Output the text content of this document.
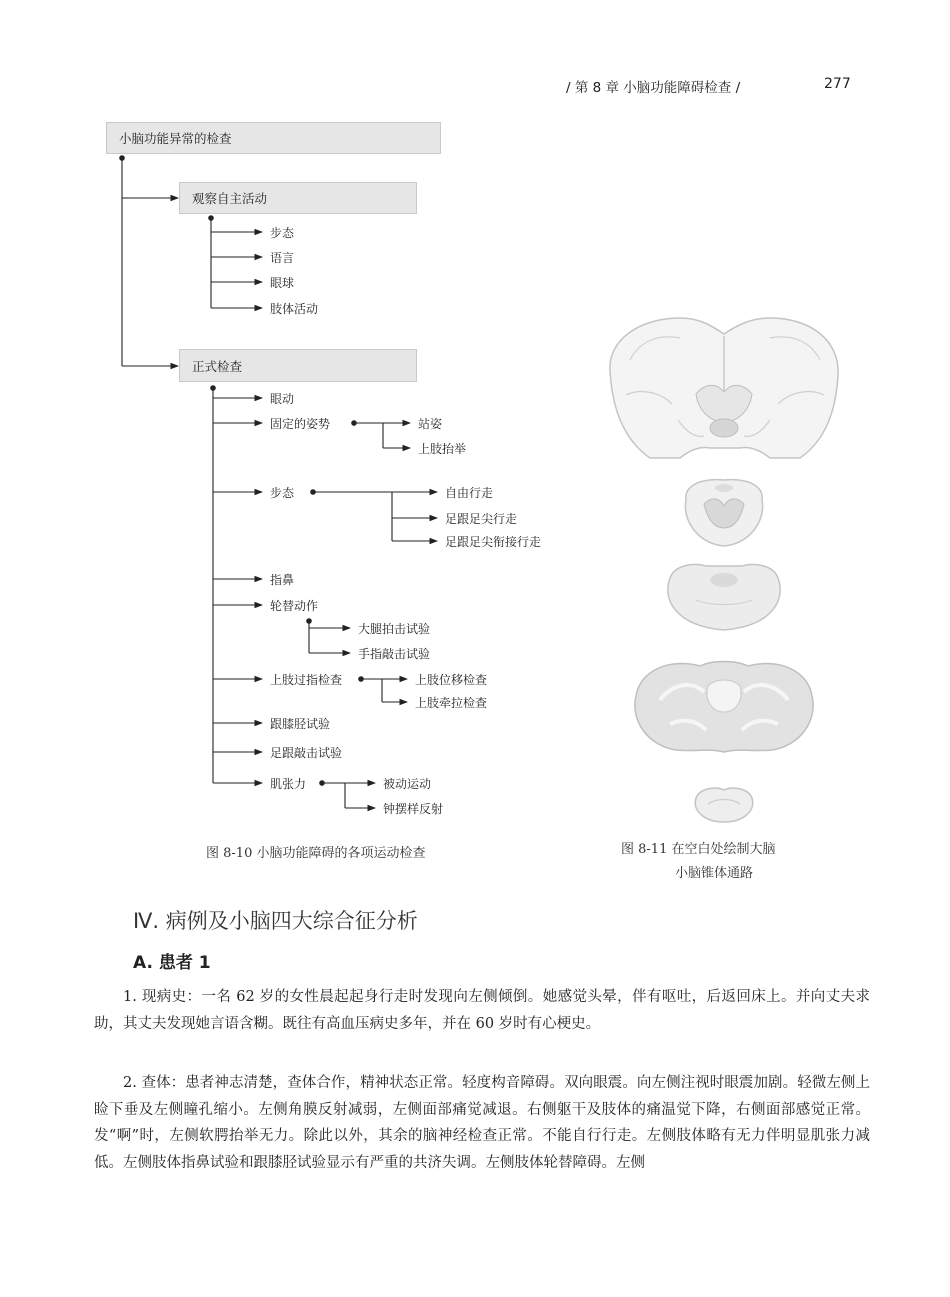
/ 第 8 章 小脑功能障碍检查 /	277
小脑功能异常的检查
观察自主活动
正式检查
步态
语言
眼球
肢体活动
眼动
固定的姿势	站姿
上肢抬举
步态	自由行走
足跟足尖行走
足跟足尖衔接行走
指鼻
轮替动作
大腿拍击试验
手指敲击试验
上肢过指检查	上肢位移检查
上肢牵拉检查
跟膝胫试验
足跟敲击试验
肌张力	被动运动
钟摆样反射
图 8-10 小脑功能障碍的各项运动检查	图 8-11 在空白处绘制大脑
小脑锥体通路
Ⅳ. 病例及小脑四大综合征分析
A. 患者 1

1. 现病史：一名 62 岁的女性晨起起身行走时发现向左侧倾倒。她感觉头晕，伴有呕吐，后返回床上。并向丈夫求助，其丈夫发现她言语含糊。既往有高血压病史多年，并在 60 岁时有心梗史。

2. 查体：患者神志清楚，查体合作，精神状态正常。轻度构音障碍。双向眼震。向左侧注视时眼震加剧。轻微左侧上睑下垂及左侧瞳孔缩小。左侧角膜反射减弱，左侧面部痛觉减退。右侧躯干及肢体的痛温觉下降，右侧面部感觉正常。发“啊”时，左侧软腭抬举无力。除此以外，其余的脑神经检查正常。不能自行行走。左侧肢体略有无力伴明显肌张力减低。左侧肢体指鼻试验和跟膝胫试验显示有严重的共济失调。左侧肢体轮替障碍。左侧
